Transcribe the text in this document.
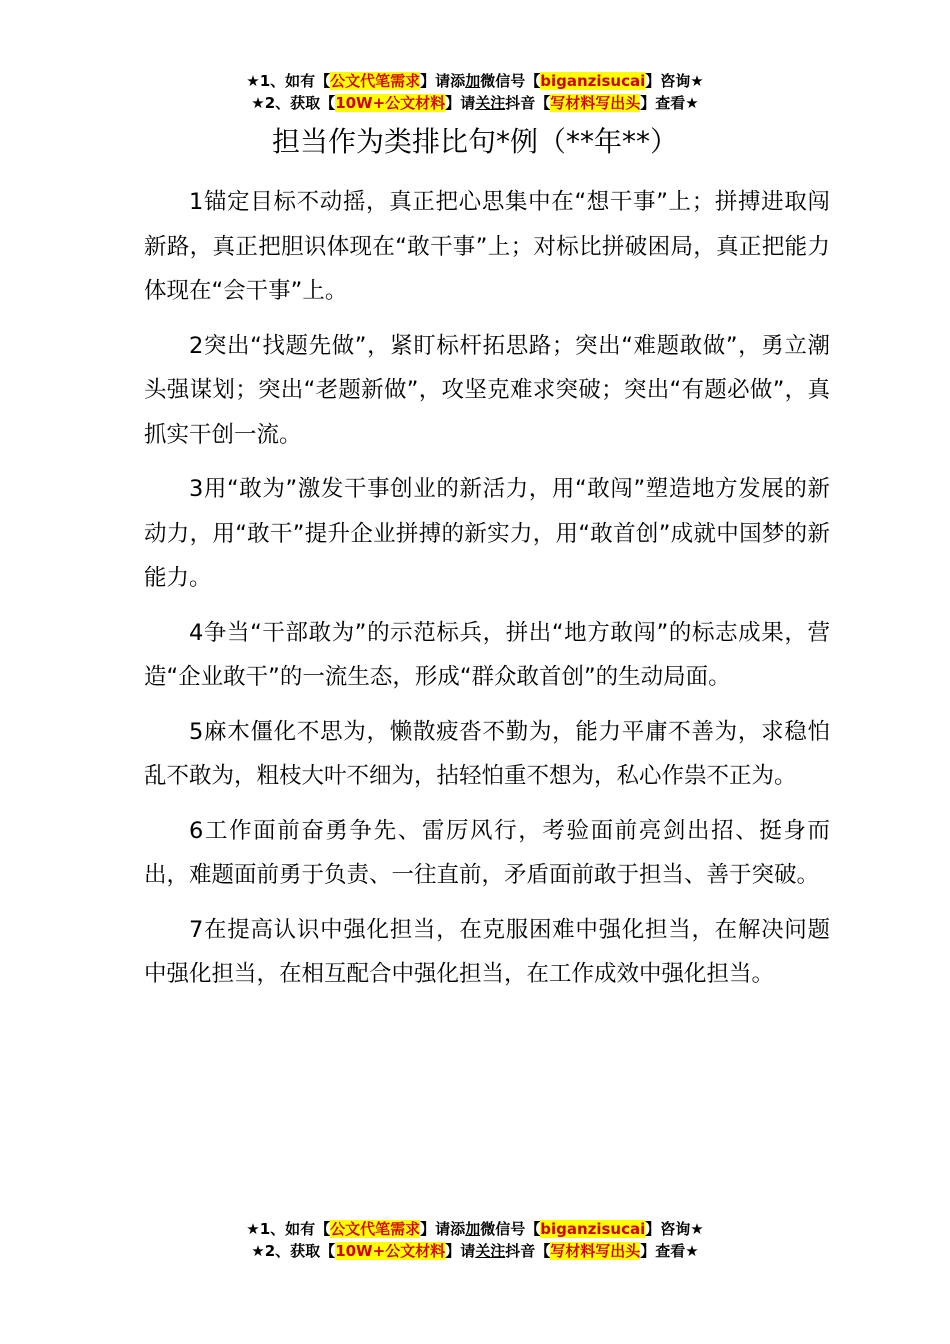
★1、如有【公文代笔需求】请添加微信号【biganzisucai】咨询★
★2、获取【10W+公文材料】请关注抖音【写材料写出头】查看★
担当作为类排比句*例（**年**）

1锚定目标不动摇，真正把心思集中在“想干事”上；拼搏进取闯新路，真正把胆识体现在“敢干事”上；对标比拼破困局，真正把能力体现在“会干事”上。

2突出“找题先做”，紧盯标杆拓思路；突出“难题敢做”，勇立潮头强谋划；突出“老题新做”，攻坚克难求突破；突出“有题必做”，真抓实干创一流。

3用“敢为”激发干事创业的新活力，用“敢闯”塑造地方发展的新动力，用“敢干”提升企业拼搏的新实力，用“敢首创”成就中国梦的新能力。

4争当“干部敢为”的示范标兵，拼出“地方敢闯”的标志成果，营造“企业敢干”的一流生态，形成“群众敢首创”的生动局面。

5麻木僵化不思为，懒散疲沓不勤为，能力平庸不善为，求稳怕乱不敢为，粗枝大叶不细为，拈轻怕重不想为，私心作祟不正为。

6工作面前奋勇争先、雷厉风行，考验面前亮剑出招、挺身而出，难题面前勇于负责、一往直前，矛盾面前敢于担当、善于突破。

7在提高认识中强化担当，在克服困难中强化担当，在解决问题中强化担当，在相互配合中强化担当，在工作成效中强化担当。

★1、如有【公文代笔需求】请添加微信号【biganzisucai】咨询★
★2、获取【10W+公文材料】请关注抖音【写材料写出头】查看★
